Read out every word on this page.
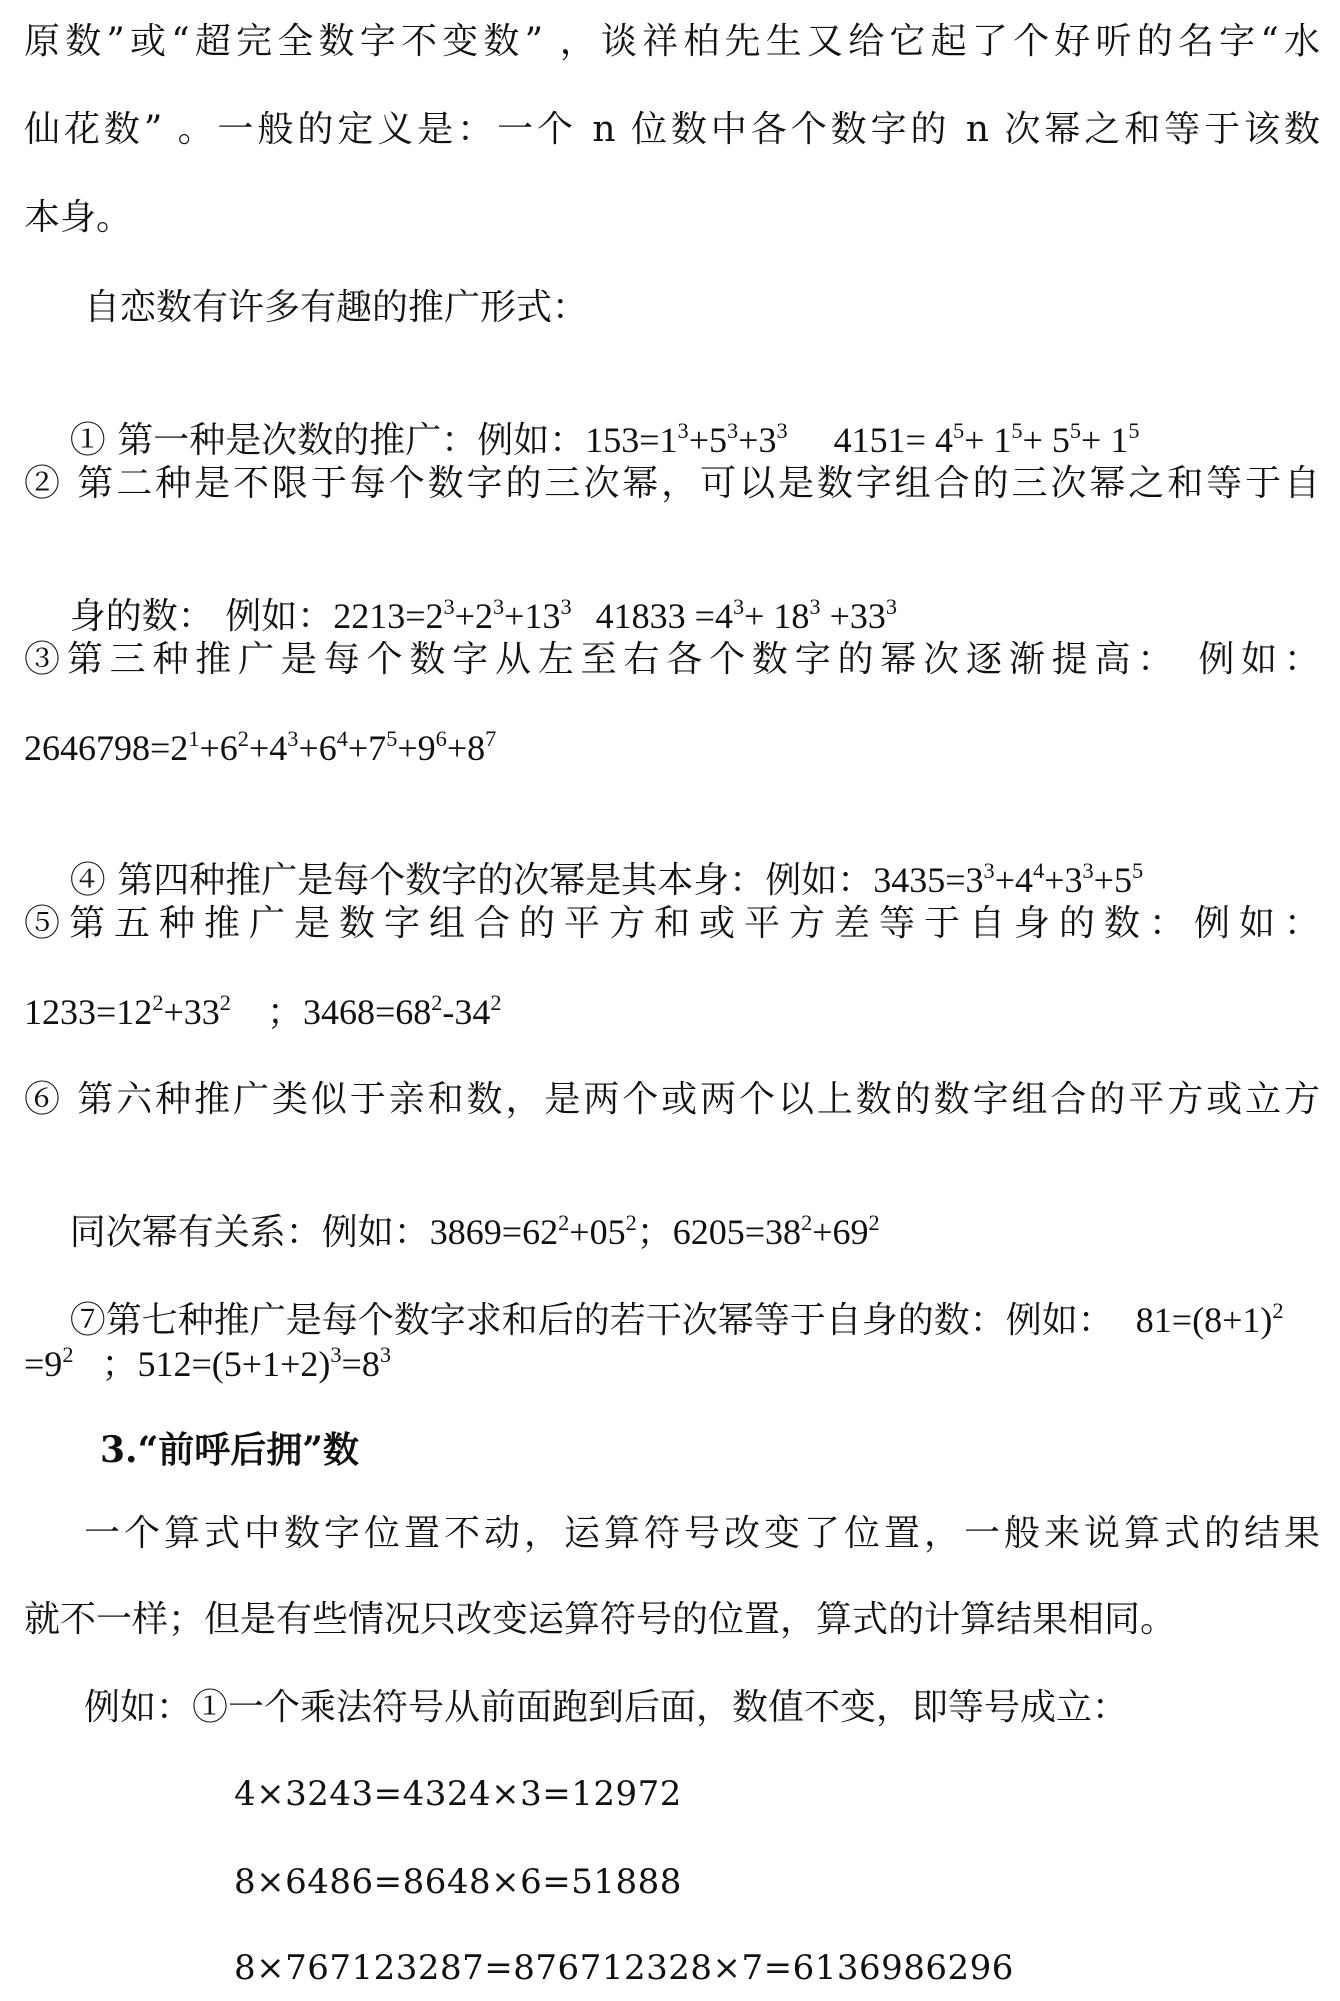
原数”或“超完全数字不变数” ，谈祥柏先生又给它起了个好听的名字“水
仙花数” 。一般的定义是：一个 n 位数中各个数字的 n 次幂之和等于该数
本身。
自恋数有许多有趣的推广形式：

① 第一种是次数的推广：例如：$153=1^3+5^3+3^3$ $4151= 4^5+ 1^5+ 5^5+ 1^5$

② 第二种是不限于每个数字的三次幂，可以是数字组合的三次幂之和等于自

身的数： 例如：$2213=2^3+2^3+13^3$ $41833 =4^3+ 18^3 +33^3$

③第三种推广是每个数字从左至右各个数字的幂次逐渐提高： 例如：
$2646798=2^1+6^2+4^3+6^4+7^5+9^6+8^7$

④ 第四种推广是每个数字的次幂是其本身：例如：$3435=3^3+4^4+3^3+5^5$

⑤第五种推广是数字组合的平方和或平方差等于自身的数：例如：
$1233=12^2+33^2$ ；$3468=68^2-34^2$
⑥ 第六种推广类似于亲和数，是两个或两个以上数的数字组合的平方或立方

同次幂有关系：例如：$3869=62^2+05^2$；$6205=38^2+69^2$

⑦第七种推广是每个数字求和后的若干次幂等于自身的数：例如： $81=(8+1)^2$

$=9^2$ ；$512=(5+1+2)^3=8^3$
3.“前呼后拥”数
一个算式中数字位置不动，运算符号改变了位置，一般来说算式的结果
就不一样；但是有些情况只改变运算符号的位置，算式的计算结果相同。
例如：①一个乘法符号从前面跑到后面，数值不变，即等号成立：
4×3243=4324×3=12972
8×6486=8648×6=51888
8×767123287=876712328×7=6136986296
